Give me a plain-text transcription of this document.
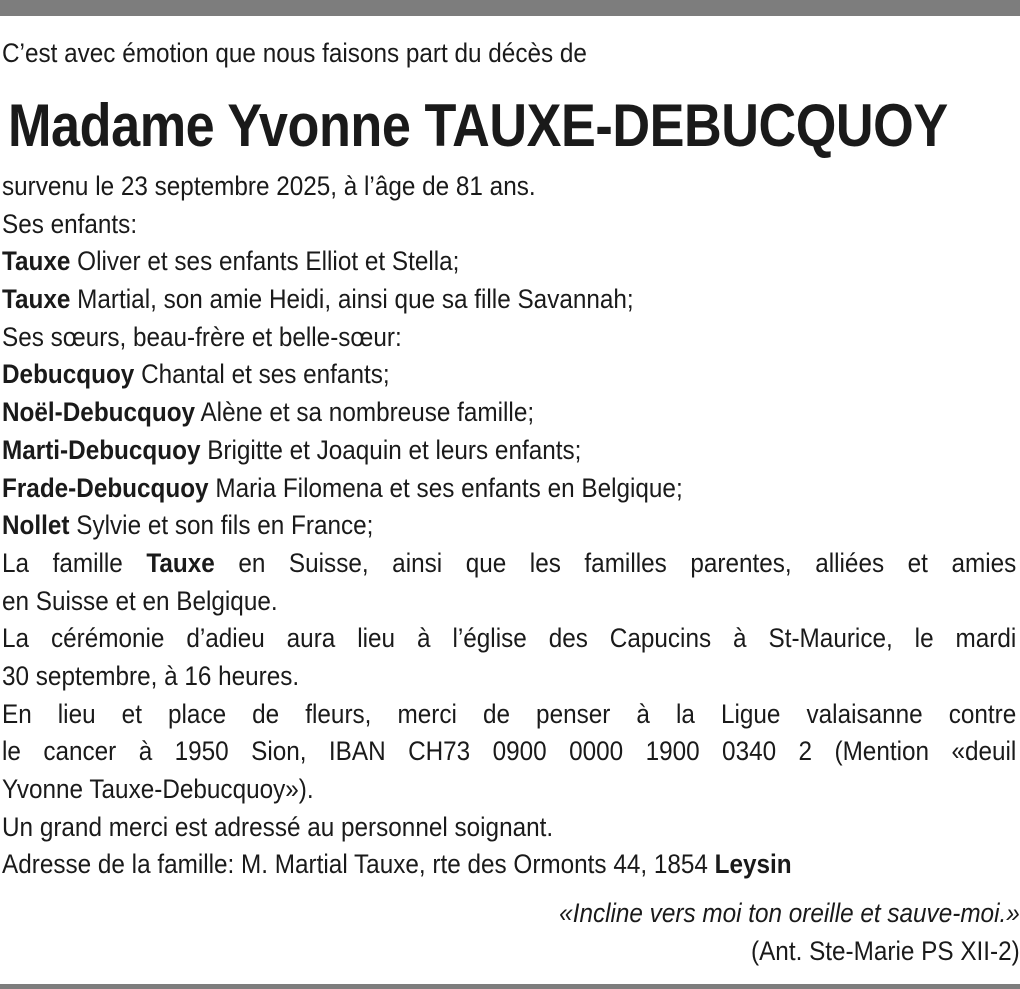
C’est avec émotion que nous faisons part du décès de
Madame Yvonne TAUXE-DEBUCQUOY
survenu le 23 septembre 2025, à l’âge de 81 ans.
Ses enfants:
Tauxe Oliver et ses enfants Elliot et Stella;
Tauxe Martial, son amie Heidi, ainsi que sa fille Savannah;
Ses sœurs, beau-frère et belle-sœur:
Debucquoy Chantal et ses enfants;
Noël-Debucquoy Alène et sa nombreuse famille;
Marti-Debucquoy Brigitte et Joaquin et leurs enfants;
Frade-Debucquoy Maria Filomena et ses enfants en Belgique;
Nollet Sylvie et son fils en France;
La famille Tauxe en Suisse, ainsi que les familles parentes, alliées et amies
en Suisse et en Belgique.
La cérémonie d’adieu aura lieu à l’église des Capucins à St-Maurice, le mardi
30 septembre, à 16 heures.
En lieu et place de fleurs, merci de penser à la Ligue valaisanne contre
le cancer à 1950 Sion, IBAN CH73 0900 0000 1900 0340 2 (Mention «deuil
Yvonne Tauxe-Debucquoy»).
Un grand merci est adressé au personnel soignant.
Adresse de la famille: M. Martial Tauxe, rte des Ormonts 44, 1854 Leysin
«Incline vers moi ton oreille et sauve-moi.»
(Ant. Ste-Marie PS XII-2)
